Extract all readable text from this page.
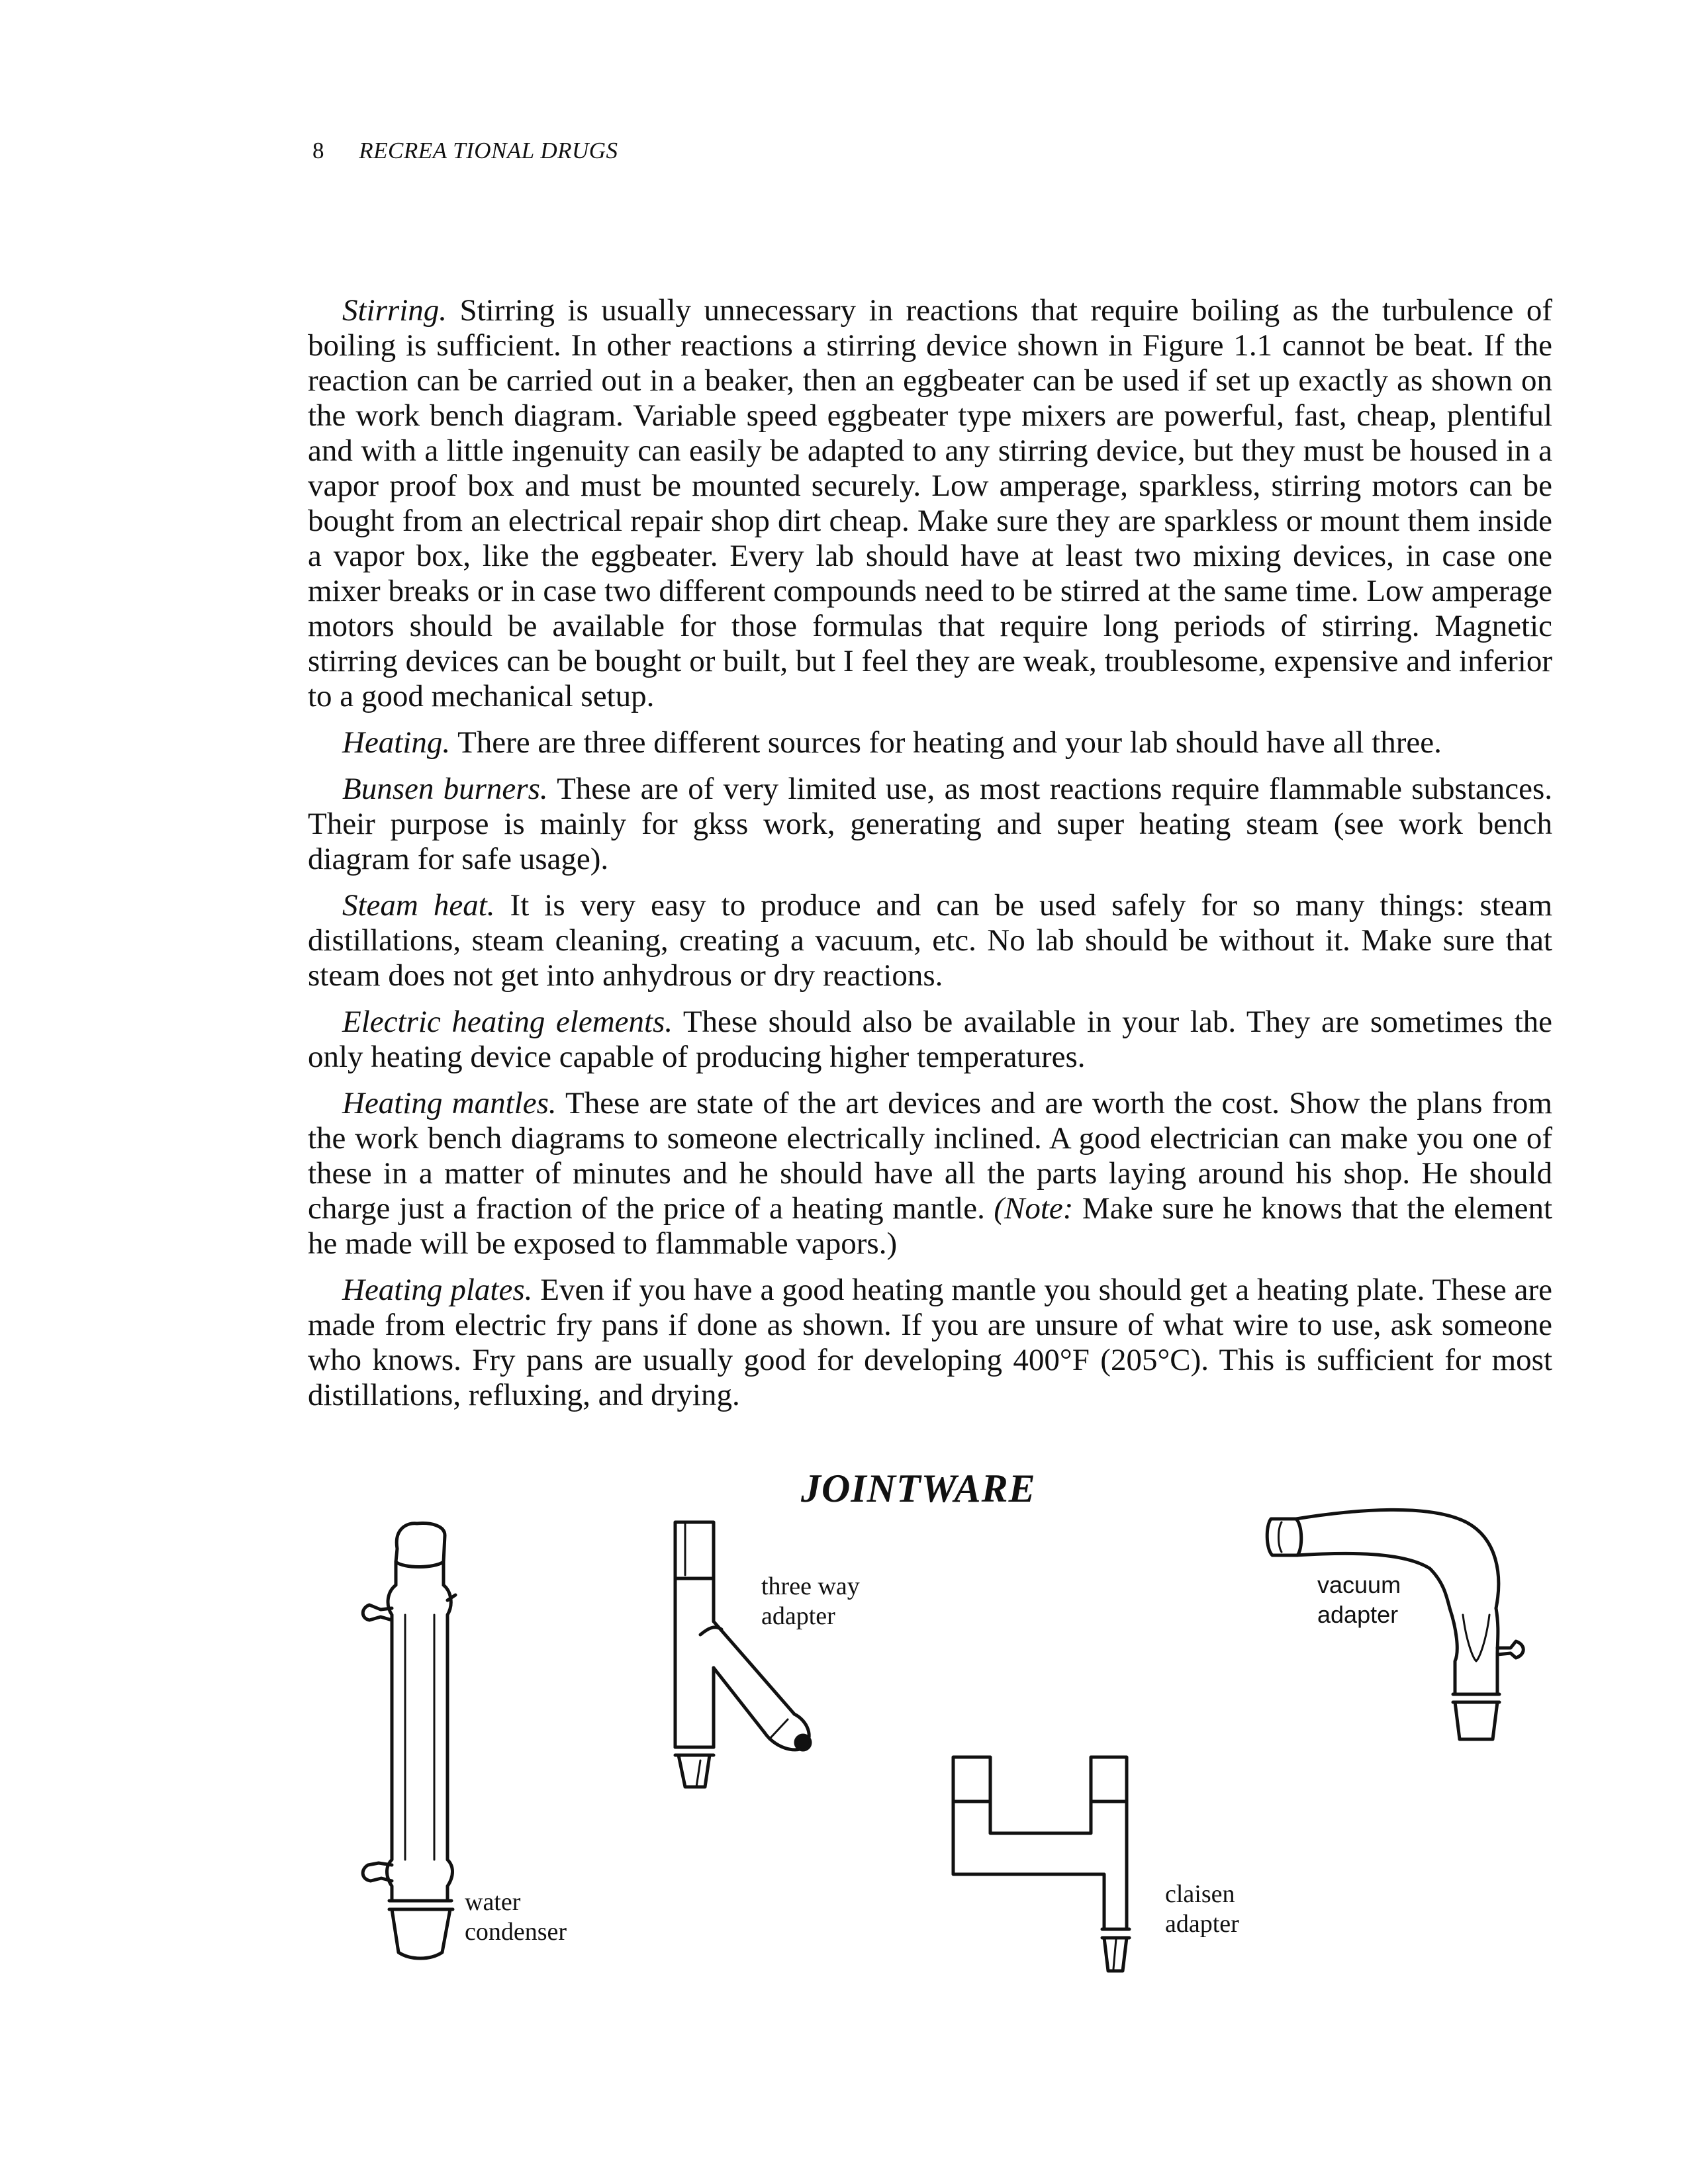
8 RECREA TIONAL DRUGS

Stirring. Stirring is usually unnecessary in reactions that require boiling as the turbulence of boiling is sufficient. In other reactions a stirring device shown in Figure 1.1 cannot be beat. If the reaction can be carried out in a beaker, then an eggbeater can be used if set up exactly as shown on the work bench diagram. Variable speed eggbeater type mixers are powerful, fast, cheap, plentiful and with a little ingenuity can easily be adapted to any stirring device, but they must be housed in a vapor proof box and must be mounted securely. Low amperage, sparkless, stirring motors can be bought from an electrical repair shop dirt cheap. Make sure they are sparkless or mount them inside a vapor box, like the eggbeater. Every lab should have at least two mixing devices, in case one mixer breaks or in case two different compounds need to be stirred at the same time. Low amperage motors should be available for those formulas that require long periods of stirring. Magnetic stirring devices can be bought or built, but I feel they are weak, troublesome, expensive and inferior to a good mechanical setup.

Heating. There are three different sources for heating and your lab should have all three.

Bunsen burners. These are of very limited use, as most reactions require flammable substances. Their purpose is mainly for gkss work, generating and super heating steam (see work bench diagram for safe usage).

Steam heat. It is very easy to produce and can be used safely for so many things: steam distillations, steam cleaning, creating a vacuum, etc. No lab should be without it. Make sure that steam does not get into anhydrous or dry reactions.

Electric heating elements. These should also be available in your lab. They are sometimes the only heating device capable of producing higher temperatures.

Heating mantles. These are state of the art devices and are worth the cost. Show the plans from the work bench diagrams to someone electrically inclined. A good electrician can make you one of these in a matter of minutes and he should have all the parts laying around his shop. He should charge just a fraction of the price of a heating mantle. (Note: Make sure he knows that the element he made will be exposed to flammable vapors.)

Heating plates. Even if you have a good heating mantle you should get a heating plate. These are made from electric fry pans if done as shown. If you are unsure of what wire to use, ask someone who knows. Fry pans are usually good for developing 400°F (205°C). This is sufficient for most distillations, refluxing, and drying.

JOINTWARE
three way
adapter
vacuum
adapter
water
condenser
claisen
adapter
